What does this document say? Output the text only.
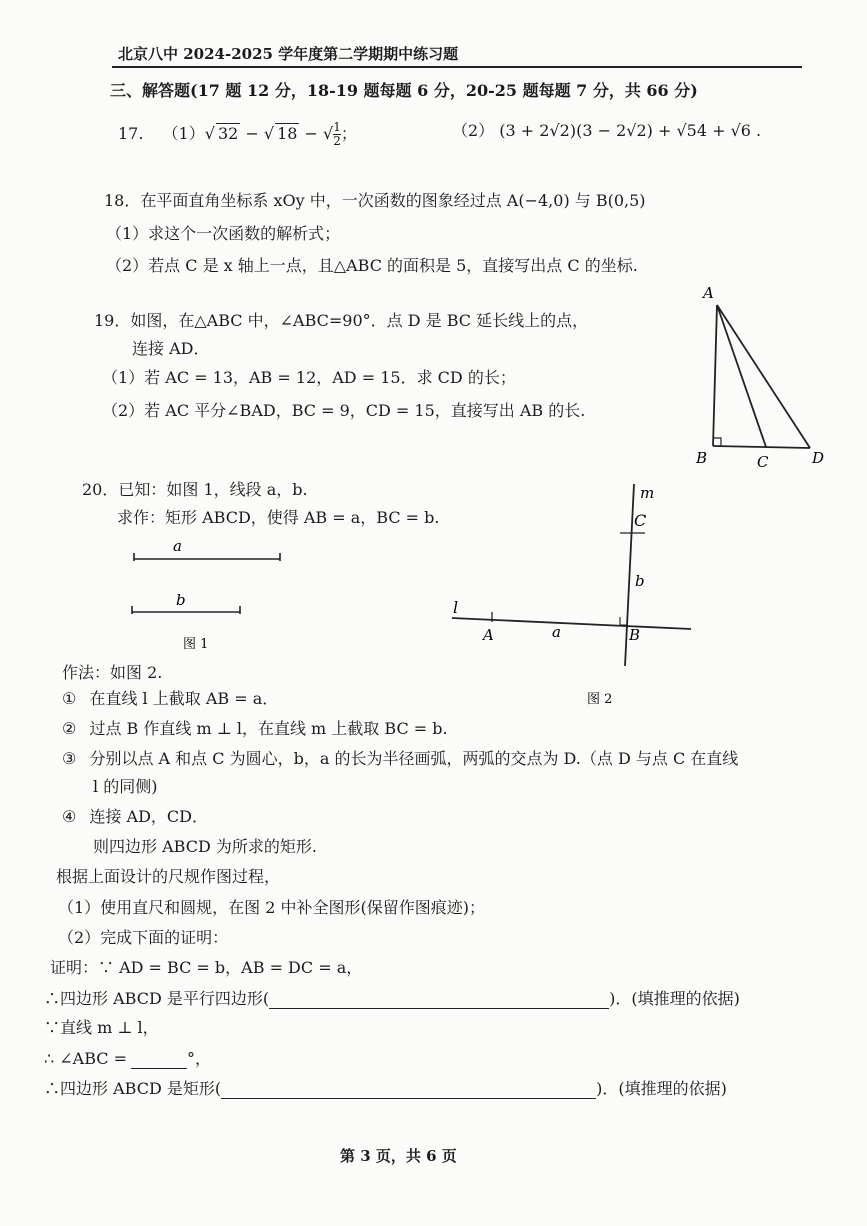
北京八中 2024-2025 学年度第二学期期中练习题
三、解答题(17 题 12 分，18-19 题每题 6 分，20-25 题每题 7 分，共 66 分)
17. （1）√ 32 − √ 18 − √ $\frac{1}{2}$ ；	（2） (3 + 2√2)(3 − 2√2) + √54 + √6 .
18．在平面直角坐标系 xOy 中，一次函数的图象经过点 A(−4,0) 与 B(0,5)
（1）求这个一次函数的解析式；
（2）若点 C 是 x 轴上一点，且△ABC 的面积是 5，直接写出点 C 的坐标.
19．如图，在△ABC 中，∠ABC=90°．点 D 是 BC 延长线上的点，
连接 AD．
（1）若 AC = 13，AB = 12，AD = 15．求 CD 的长；
（2）若 AC 平分∠BAD，BC = 9，CD = 15，直接写出 AB 的长.
A
B	C	D
20．已知：如图 1，线段 a，b.
求作：矩形 ABCD，使得 AB = a，BC = b.
a
b
图 1
m
C
b
l
A	a	B
图 2
作法：如图 2.
① 在直线 l 上截取 AB = a．
② 过点 B 作直线 m ⊥ l，在直线 m 上截取 BC = b.
③ 分别以点 A 和点 C 为圆心，b，a 的长为半径画弧，两弧的交点为 D.（点 D 与点 C 在直线
l 的同侧)
④ 连接 AD，CD．
则四边形 ABCD 为所求的矩形.
根据上面设计的尺规作图过程，
（1）使用直尺和圆规，在图 2 中补全图形(保留作图痕迹)；
（2）完成下面的证明：
证明：∵ AD = BC = b，AB = DC = a，
∴四边形 ABCD 是平行四边形(	)．(填推理的依据)
∵直线 m ⊥ l，
∴ ∠ABC =	°，
∴四边形 ABCD 是矩形(	)．(填推理的依据)
第 3 页，共 6 页
